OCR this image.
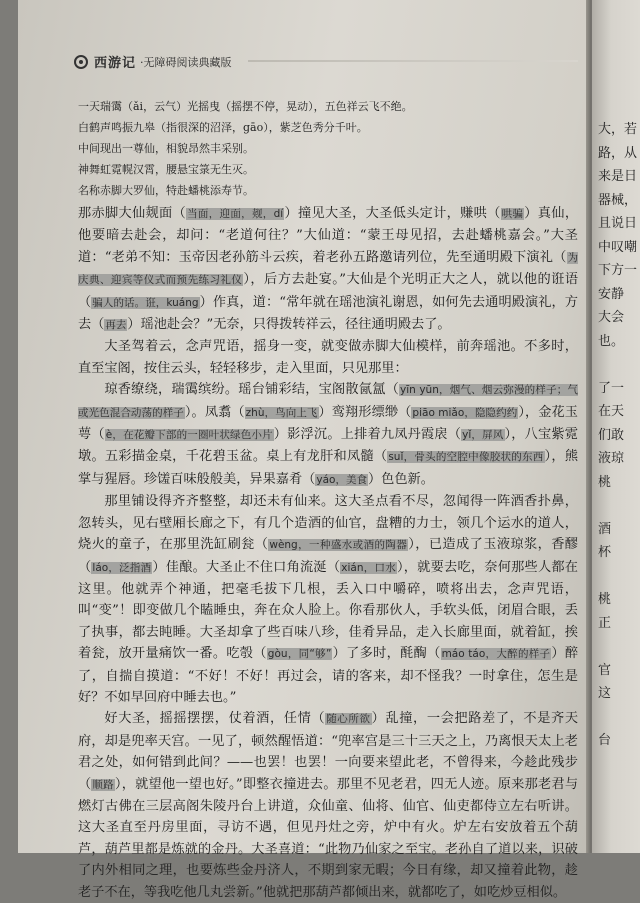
西游记 ·无障碍阅读典藏版
一天瑞霭（ǎi，云气）光摇曳（摇摆不停，晃动），五色祥云飞不绝。
白鹤声鸣振九皋（指很深的沼泽，gāo），紫芝色秀分千叶。
中间现出一尊仙，相貌昂然丰采别。
神舞虹霓幌汉霄，腰悬宝箓无生灭。
名称赤脚大罗仙，特赴蟠桃添寿节。

那赤脚大仙觌面（当面，迎面，觌，dí）撞见大圣，大圣低头定计，赚哄（哄骗）真仙，他要暗去赴会，却问：“老道何往？”大仙道：“蒙王母见招，去赴蟠桃嘉会。”大圣道：“老弟不知：玉帝因老孙筋斗云疾，着老孙五路邀请列位，先至通明殿下演礼（为庆典、迎宾等仪式而预先练习礼仪），后方去赴宴。”大仙是个光明正大之人，就以他的诳语（骗人的话。诳，kuáng）作真，道：“常年就在瑶池演礼谢恩，如何先去通明殿演礼，方去（再去）瑶池赴会？”无奈，只得拨转祥云，径往通明殿去了。

大圣驾着云，念声咒语，摇身一变，就变做赤脚大仙模样，前奔瑶池。不多时，直至宝阁，按住云头，轻轻移步，走入里面，只见那里：

琼香缭绕，瑞霭缤纷。瑶台铺彩结，宝阁散氤氲（yīn yūn，烟气、烟云弥漫的样子；气或光色混合动荡的样子）。凤翥（zhù，鸟向上飞）鸾翔形缥缈（piāo miǎo，隐隐约约），金花玉萼（è，在花瓣下部的一圈叶状绿色小片）影浮沉。上排着九凤丹霞扆（yǐ，屏风），八宝紫霓墩。五彩描金桌，千花碧玉盆。桌上有龙肝和凤髓（suǐ，骨头的空腔中像胶状的东西），熊掌与猩唇。珍馐百味般般美，异果嘉肴（yáo，美食）色色新。

那里铺设得齐齐整整，却还未有仙来。这大圣点看不尽，忽闻得一阵酒香扑鼻，忽转头，见右壁厢长廊之下，有几个造酒的仙官，盘糟的力士，领几个运水的道人，烧火的童子，在那里洗缸刷瓮（wèng，一种盛水或酒的陶器），已造成了玉液琼浆，香醪（láo，泛指酒）佳酿。大圣止不住口角流涎（xián，口水），就要去吃，奈何那些人都在这里。他就弄个神通，把毫毛拔下几根，丢入口中嚼碎，喷将出去，念声咒语，叫“变”！即变做几个瞌睡虫，奔在众人脸上。你看那伙人，手软头低，闭眉合眼，丢了执事，都去盹睡。大圣却拿了些百味八珍，佳肴异品，走入长廊里面，就着缸，挨着瓮，放开量痛饮一番。吃彀（gòu，同“够”）了多时，酕醄（máo táo，大醉的样子）醉了，自揣自摸道：“不好！不好！再过会，请的客来，却不怪我？一时拿住，怎生是好？不如早回府中睡去也。”

好大圣，摇摇摆摆，仗着酒，任情（随心所欲）乱撞，一会把路差了，不是齐天府，却是兜率天宫。一见了，顿然醒悟道：“兜率宫是三十三天之上，乃离恨天太上老君之处，如何错到此间？——也罢！也罢！一向要来望此老，不曾得来，今趁此残步（顺路），就望他一望也好。”即整衣撞进去。那里不见老君，四无人迹。原来那老君与燃灯古佛在三层高阁朱陵丹台上讲道，众仙童、仙将、仙官、仙吏都侍立左右听讲。这大圣直至丹房里面，寻访不遇，但见丹灶之旁，炉中有火。炉左右安放着五个葫芦，葫芦里都是炼就的金丹。大圣喜道：“此物乃仙家之至宝。老孙自了道以来，识破了内外相同之理，也要炼些金丹济人，不期到家无暇；今日有缘，却又撞着此物，趁老子不在，等我吃他几丸尝新。”他就把那葫芦都倾出来，就都吃了，如吃炒豆相似。

大，若
路，从
来是日
器械，
且说日
中叹嘲
下方一
安静
大会
也。

了一
在天
们敢
液琼
桃

酒
杯

桃
正

官
这

台
